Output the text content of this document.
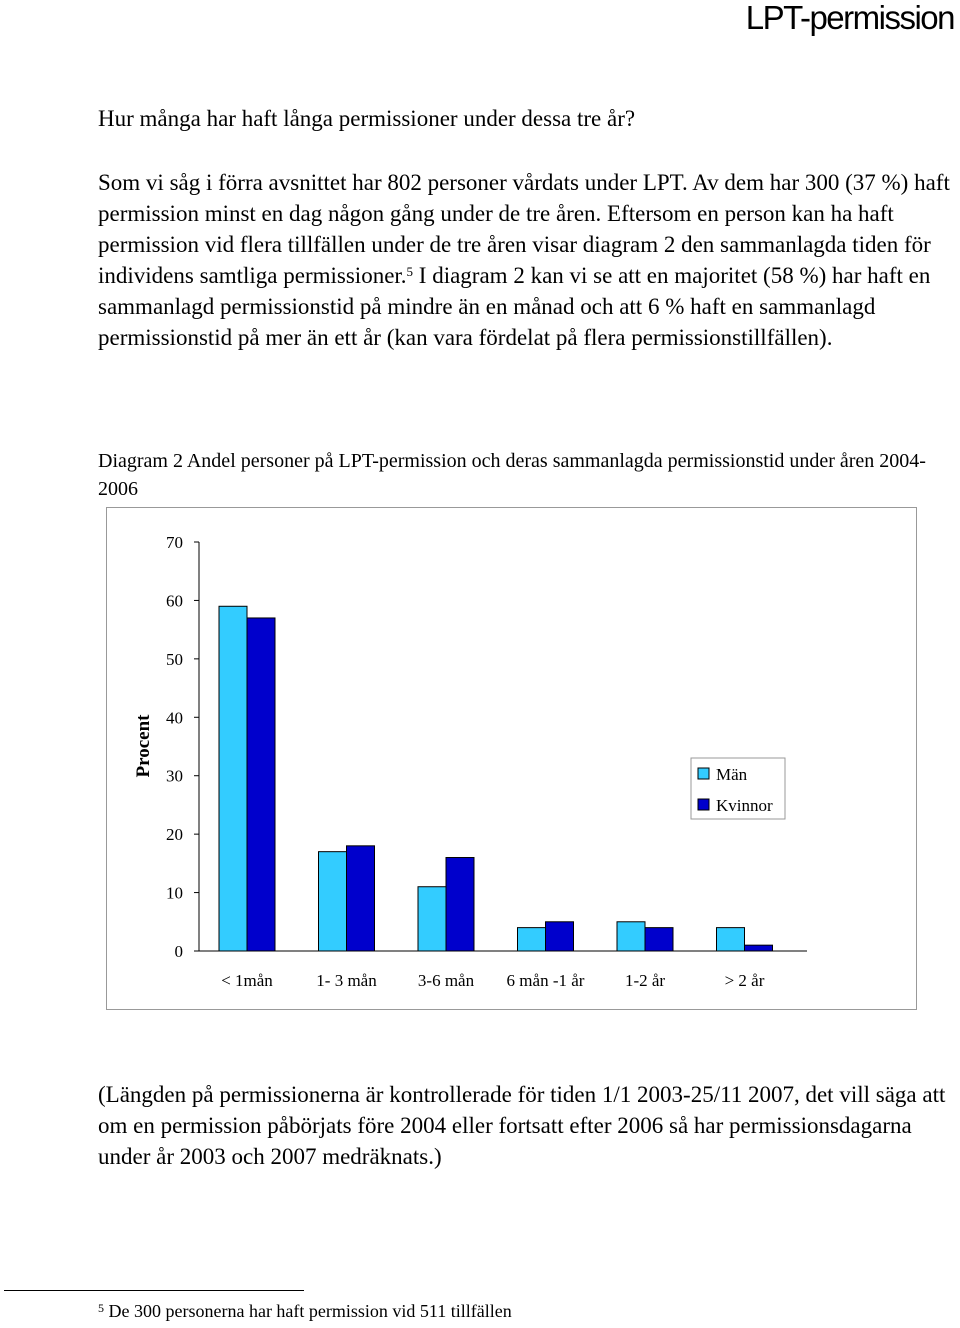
LPT-permission

Hur många har haft långa permissioner under dessa tre år?

Som vi såg i förra avsnittet har 802 personer vårdats under LPT. Av dem har 300 (37 %) haft permission minst en dag någon gång under de tre åren. Eftersom en person kan ha haft permission vid flera tillfällen under de tre åren visar diagram 2 den sammanlagda tiden för individens samtliga permissioner.$^5$ I diagram 2 kan vi se att en majoritet (58 %) har haft en sammanlagd permissionstid på mindre än en månad och att 6 % haft en sammanlagd permissionstid på mer än ett år (kan vara fördelat på flera permissionstillfällen).

Diagram 2 Andel personer på LPT-permission och deras sammanlagda permissionstid under åren 2004-2006

0
10
20
30
40
50
60
70
Procent
< 1mån	1- 3 mån 3-6 mån 6 mån -1 år 1-2 år	> 2 år
Män
Kvinnor

(Längden på permissionerna är kontrollerade för tiden 1/1 2003-25/11 2007, det vill säga att om en permission påbörjats före 2004 eller fortsatt efter 2006 så har permissionsdagarna under år 2003 och 2007 medräknats.)

$^5$ De 300 personerna har haft permission vid 511 tillfällen
